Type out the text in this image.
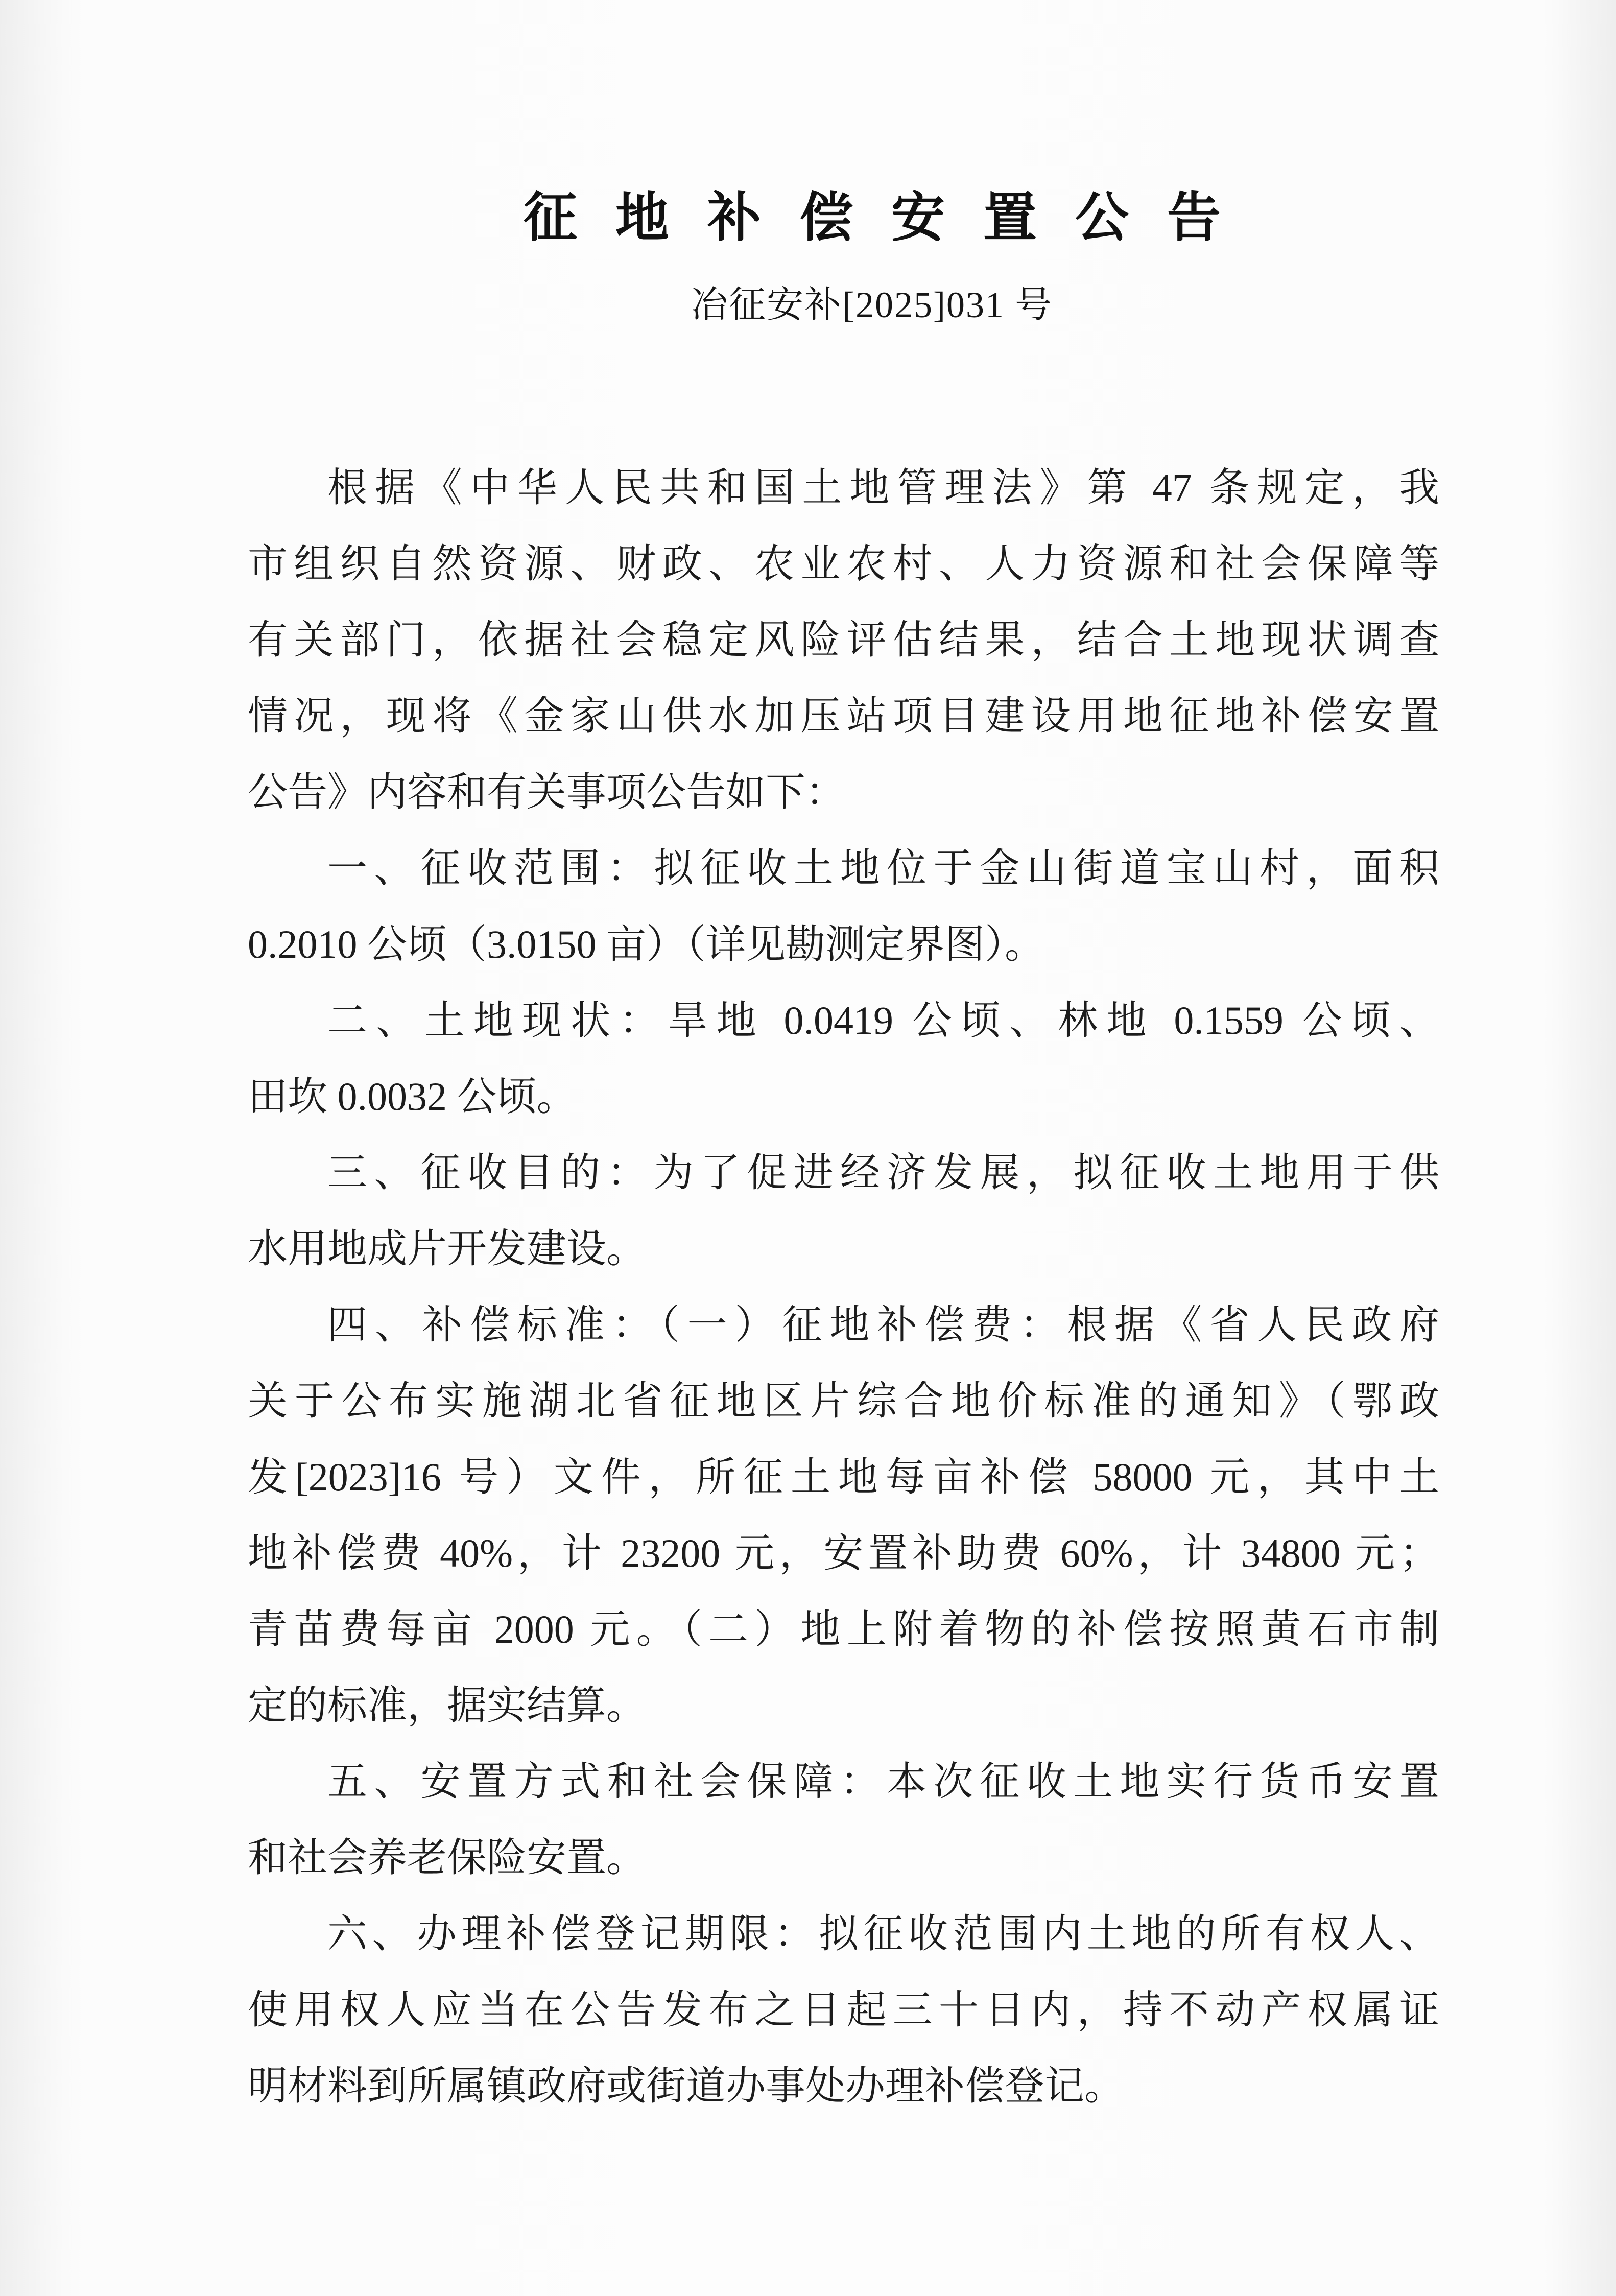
征地补偿安置公告
冶征安补[2025]031 号
根据《中华人民共和国土地管理法》第 47 条规定，我
市组织自然资源、财政、农业农村、人力资源和社会保障等
有关部门，依据社会稳定风险评估结果，结合土地现状调查
情况，现将《金家山供水加压站项目建设用地征地补偿安置
公告》内容和有关事项公告如下：
一、征收范围：拟征收土地位于金山街道宝山村，面积
0.2010 公顷（3.0150 亩）（详见勘测定界图）。
二、土地现状：旱地 0.0419 公顷、林地 0.1559 公顷、
田坎 0.0032 公顷。
三、征收目的：为了促进经济发展，拟征收土地用于供
水用地成片开发建设。
四、补偿标准：（一）征地补偿费：根据《省人民政府
关于公布实施湖北省征地区片综合地价标准的通知》（鄂政
发[2023]16 号）文件，所征土地每亩补偿 58000 元，其中土
地补偿费 40%，计 23200 元，安置补助费 60%，计 34800 元；
青苗费每亩 2000 元。（二）地上附着物的补偿按照黄石市制
定的标准，据实结算。
五、安置方式和社会保障：本次征收土地实行货币安置
和社会养老保险安置。
六、办理补偿登记期限：拟征收范围内土地的所有权人、
使用权人应当在公告发布之日起三十日内，持不动产权属证
明材料到所属镇政府或街道办事处办理补偿登记。
